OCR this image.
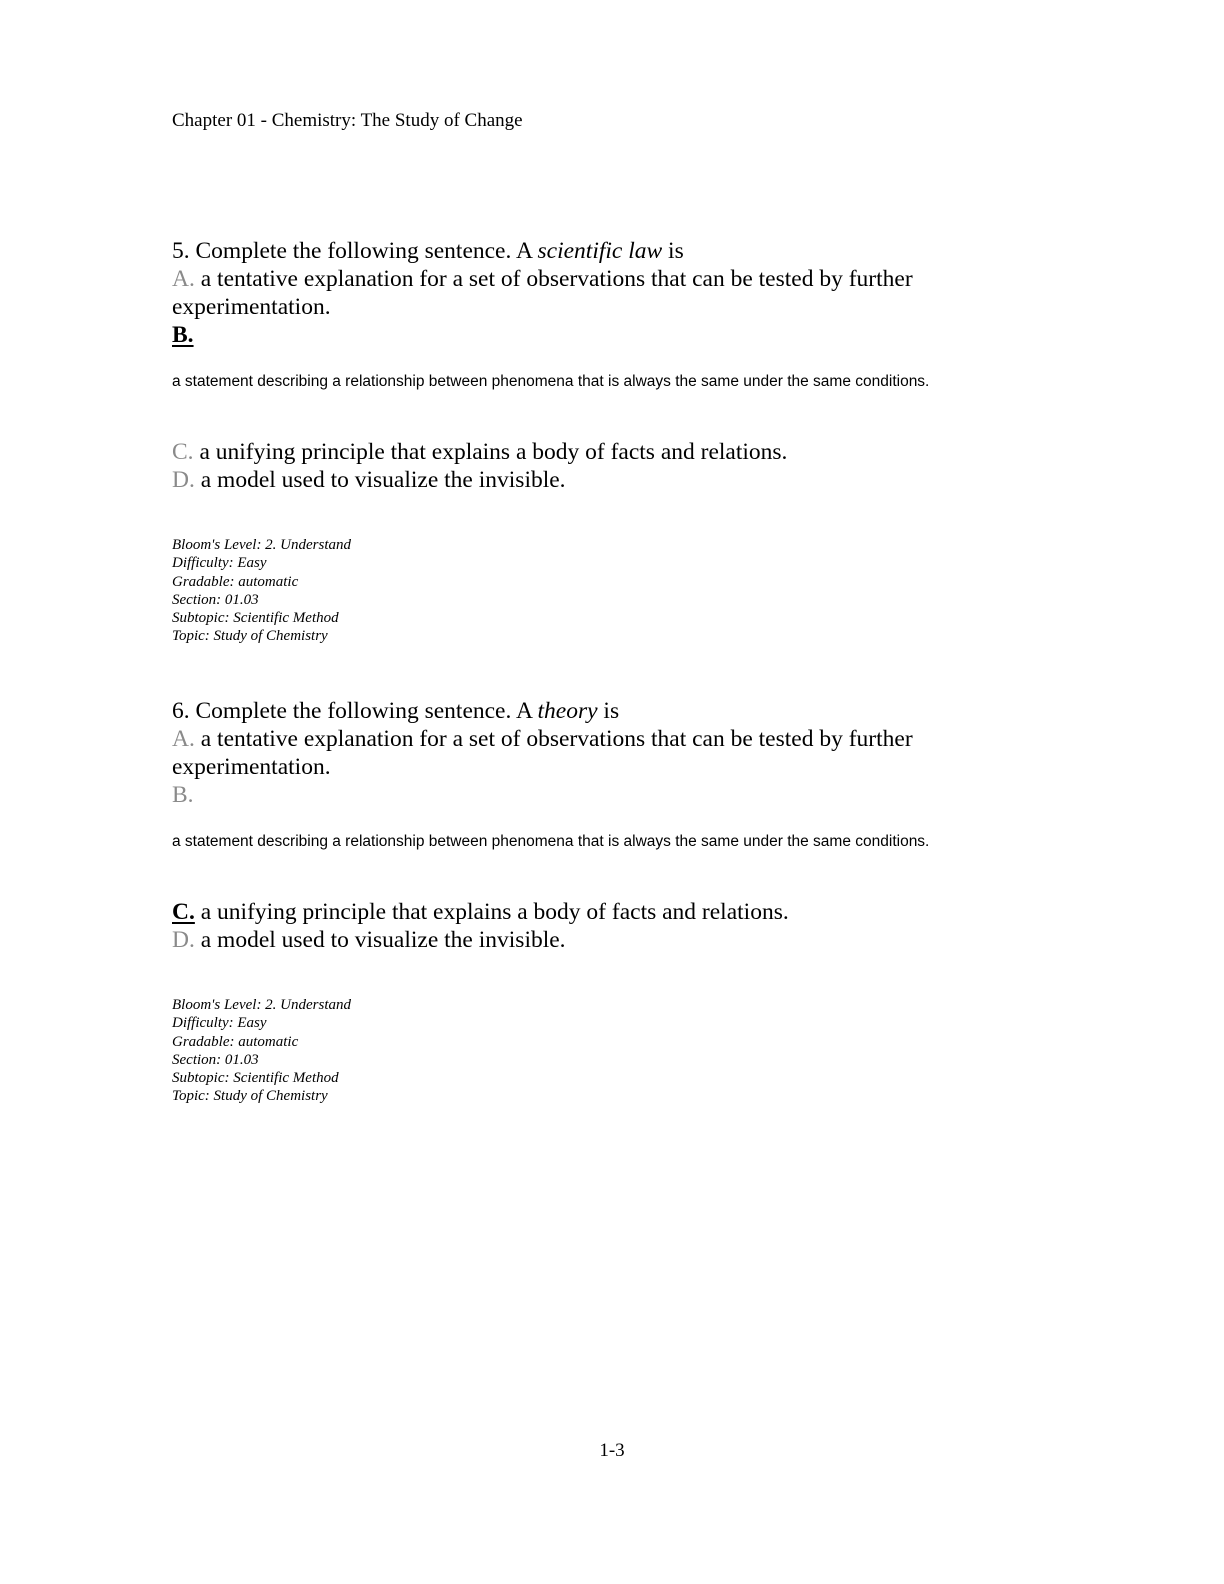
Chapter 01 - Chemistry: The Study of Change

5. Complete the following sentence. A scientific law is

A. a tentative explanation for a set of observations that can be tested by further experimentation.

B.

a statement describing a relationship between phenomena that is always the same under the same conditions.

C. a unifying principle that explains a body of facts and relations.

D. a model used to visualize the invisible.

Bloom's Level: 2. Understand
Difficulty: Easy
Gradable: automatic
Section: 01.03
Subtopic: Scientific Method
Topic: Study of Chemistry

6. Complete the following sentence. A theory is

A. a tentative explanation for a set of observations that can be tested by further experimentation.

B.

a statement describing a relationship between phenomena that is always the same under the same conditions.

C. a unifying principle that explains a body of facts and relations.

D. a model used to visualize the invisible.

Bloom's Level: 2. Understand
Difficulty: Easy
Gradable: automatic
Section: 01.03
Subtopic: Scientific Method
Topic: Study of Chemistry
1-3
